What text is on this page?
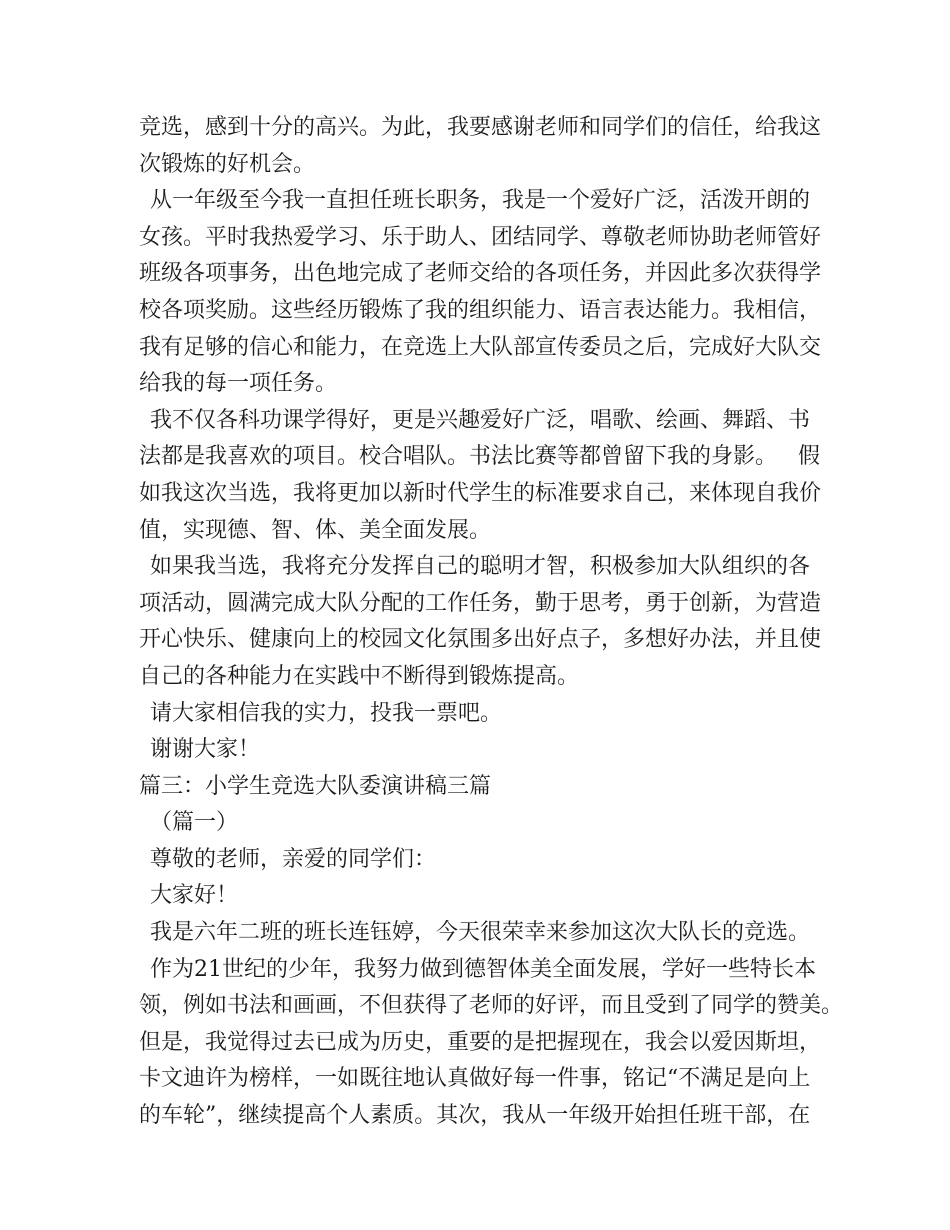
竞选，感到十分的高兴。为此，我要感谢老师和同学们的信任，给我这
次锻炼的好机会。
从一年级至今我一直担任班长职务，我是一个爱好广泛，活泼开朗的
女孩。平时我热爱学习、乐于助人、团结同学、尊敬老师协助老师管好
班级各项事务，出色地完成了老师交给的各项任务，并因此多次获得学
校各项奖励。这些经历锻炼了我的组织能力、语言表达能力。我相信，
我有足够的信心和能力，在竞选上大队部宣传委员之后，完成好大队交
给我的每一项任务。
我不仅各科功课学得好，更是兴趣爱好广泛，唱歌、绘画、舞蹈、书
法都是我喜欢的项目。校合唱队。书法比赛等都曾留下我的身影。   假
如我这次当选，我将更加以新时代学生的标准要求自己，来体现自我价
值，实现德、智、体、美全面发展。
如果我当选，我将充分发挥自己的聪明才智，积极参加大队组织的各
项活动，圆满完成大队分配的工作任务，勤于思考，勇于创新，为营造
开心快乐、健康向上的校园文化氛围多出好点子，多想好办法，并且使
自己的各种能力在实践中不断得到锻炼提高。
请大家相信我的实力，投我一票吧。
谢谢大家！
篇三：小学生竞选大队委演讲稿三篇
（篇一）
尊敬的老师，亲爱的同学们：
大家好！
我是六年二班的班长连钰婷，今天很荣幸来参加这次大队长的竞选。
作为21世纪的少年，我努力做到德智体美全面发展，学好一些特长本
领，例如书法和画画，不但获得了老师的好评，而且受到了同学的赞美。
但是，我觉得过去已成为历史，重要的是把握现在，我会以爱因斯坦，
卡文迪许为榜样，一如既往地认真做好每一件事，铭记“不满足是向上
的车轮”，继续提高个人素质。其次，我从一年级开始担任班干部，在
